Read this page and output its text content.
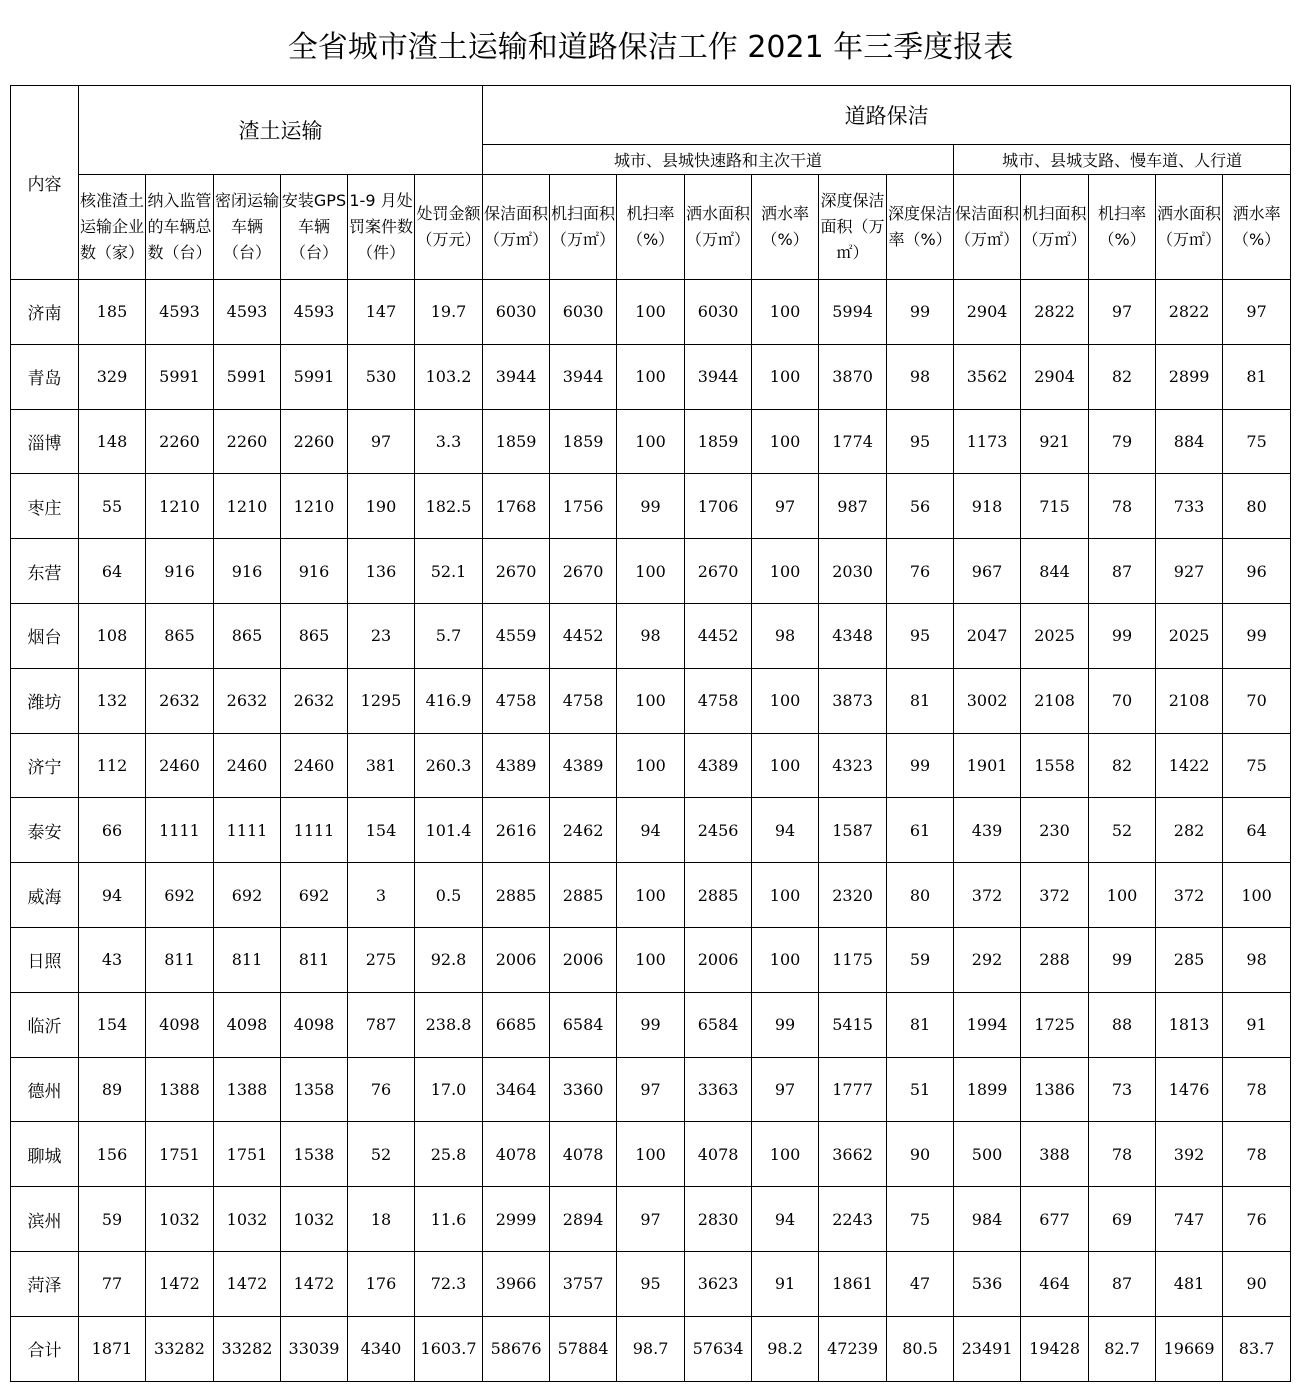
全省城市渣土运输和道路保洁工作 2021 年三季度报表
内容	渣土运输						道路保洁											
							城市、县城快速路和主次干道							城市、县城支路、慢车道、人行道				
	核准渣土运输企业数（家）	纳入监管的车辆总数（台）	密闭运输车辆（台）	安装GPS 车辆（台）	1-9 月处罚案件数（件）	处罚金额（万元）	保洁面积（万㎡）	机扫面积（万㎡）	机扫率（%）	洒水面积（万㎡）	洒水率（%）	深度保洁面积（万㎡）	深度保洁率（%）	保洁面积（万㎡）	机扫面积（万㎡）	机扫率（%）	洒水面积（万㎡）	洒水率（%）
济南	185	4593	4593	4593	147	19.7	6030	6030	100	6030	100	5994	99	2904	2822	97	2822	97
青岛	329	5991	5991	5991	530	103.2	3944	3944	100	3944	100	3870	98	3562	2904	82	2899	81
淄博	148	2260	2260	2260	97	3.3	1859	1859	100	1859	100	1774	95	1173	921	79	884	75
枣庄	55	1210	1210	1210	190	182.5	1768	1756	99	1706	97	987	56	918	715	78	733	80
东营	64	916	916	916	136	52.1	2670	2670	100	2670	100	2030	76	967	844	87	927	96
烟台	108	865	865	865	23	5.7	4559	4452	98	4452	98	4348	95	2047	2025	99	2025	99
潍坊	132	2632	2632	2632	1295	416.9	4758	4758	100	4758	100	3873	81	3002	2108	70	2108	70
济宁	112	2460	2460	2460	381	260.3	4389	4389	100	4389	100	4323	99	1901	1558	82	1422	75
泰安	66	1111	1111	1111	154	101.4	2616	2462	94	2456	94	1587	61	439	230	52	282	64
威海	94	692	692	692	3	0.5	2885	2885	100	2885	100	2320	80	372	372	100	372	100
日照	43	811	811	811	275	92.8	2006	2006	100	2006	100	1175	59	292	288	99	285	98
临沂	154	4098	4098	4098	787	238.8	6685	6584	99	6584	99	5415	81	1994	1725	88	1813	91
德州	89	1388	1388	1358	76	17.0	3464	3360	97	3363	97	1777	51	1899	1386	73	1476	78
聊城	156	1751	1751	1538	52	25.8	4078	4078	100	4078	100	3662	90	500	388	78	392	78
滨州	59	1032	1032	1032	18	11.6	2999	2894	97	2830	94	2243	75	984	677	69	747	76
菏泽	77	1472	1472	1472	176	72.3	3966	3757	95	3623	91	1861	47	536	464	87	481	90
合计	1871	33282	33282	33039	4340	1603.7	58676	57884	98.7	57634	98.2	47239	80.5	23491	19428	82.7	19669	83.7
